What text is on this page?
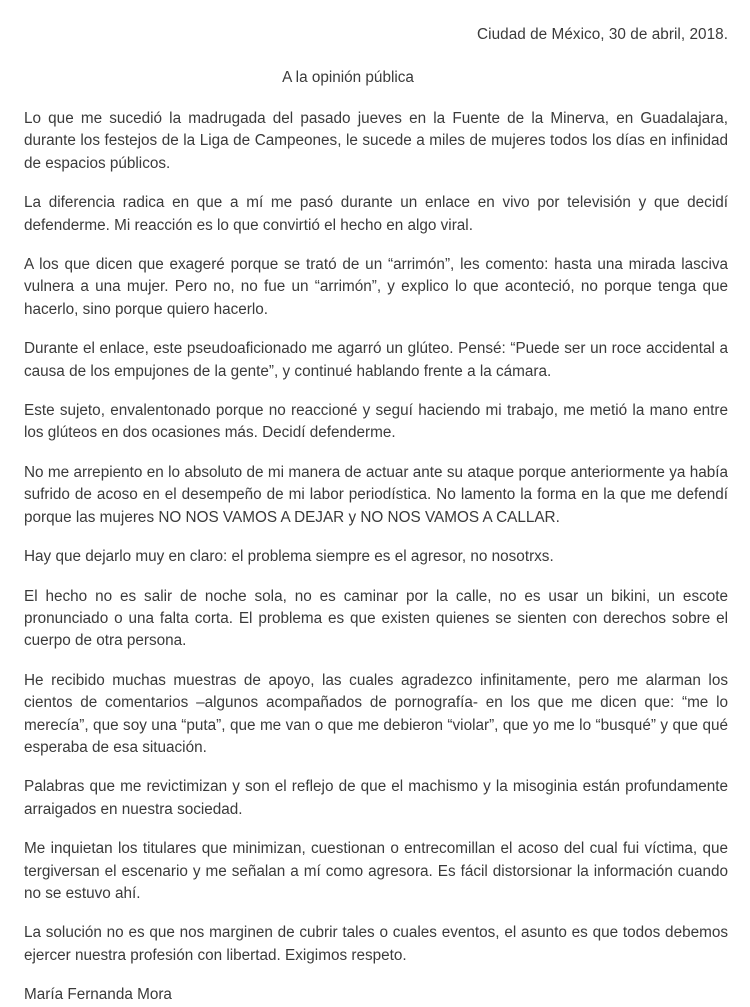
Ciudad de México, 30 de abril, 2018.
A la opinión pública

Lo que me sucedió la madrugada del pasado jueves en la Fuente de la Minerva, en Guadalajara, durante los festejos de la Liga de Campeones, le sucede a miles de mujeres todos los días en infinidad de espacios públicos.

La diferencia radica en que a mí me pasó durante un enlace en vivo por televisión y que decidí defenderme. Mi reacción es lo que convirtió el hecho en algo viral.

A los que dicen que exageré porque se trató de un “arrimón”, les comento: hasta una mirada lasciva vulnera a una mujer. Pero no, no fue un “arrimón”, y explico lo que aconteció, no porque tenga que hacerlo, sino porque quiero hacerlo.

Durante el enlace, este pseudoaficionado me agarró un glúteo. Pensé: “Puede ser un roce accidental a causa de los empujones de la gente”, y continué hablando frente a la cámara.

Este sujeto, envalentonado porque no reaccioné y seguí haciendo mi trabajo, me metió la mano entre los glúteos en dos ocasiones más. Decidí defenderme.

No me arrepiento en lo absoluto de mi manera de actuar ante su ataque porque anteriormente ya había sufrido de acoso en el desempeño de mi labor periodística. No lamento la forma en la que me defendí porque las mujeres NO NOS VAMOS A DEJAR y NO NOS VAMOS A CALLAR.

Hay que dejarlo muy en claro: el problema siempre es el agresor, no nosotrxs.

El hecho no es salir de noche sola, no es caminar por la calle, no es usar un bikini, un escote pronunciado o una falta corta. El problema es que existen quienes se sienten con derechos sobre el cuerpo de otra persona.

He recibido muchas muestras de apoyo, las cuales agradezco infinitamente, pero me alarman los cientos de comentarios –algunos acompañados de pornografía- en los que me dicen que: “me lo merecía”, que soy una “puta”, que me van o que me debieron “violar”, que yo me lo “busqué” y que qué esperaba de esa situación.

Palabras que me revictimizan y son el reflejo de que el machismo y la misoginia están profundamente arraigados en nuestra sociedad.

Me inquietan los titulares que minimizan, cuestionan o entrecomillan el acoso del cual fui víctima, que tergiversan el escenario y me señalan a mí como agresora. Es fácil distorsionar la información cuando no se estuvo ahí.

La solución no es que nos marginen de cubrir tales o cuales eventos, el asunto es que todos debemos ejercer nuestra profesión con libertad. Exigimos respeto.

María Fernanda Mora
